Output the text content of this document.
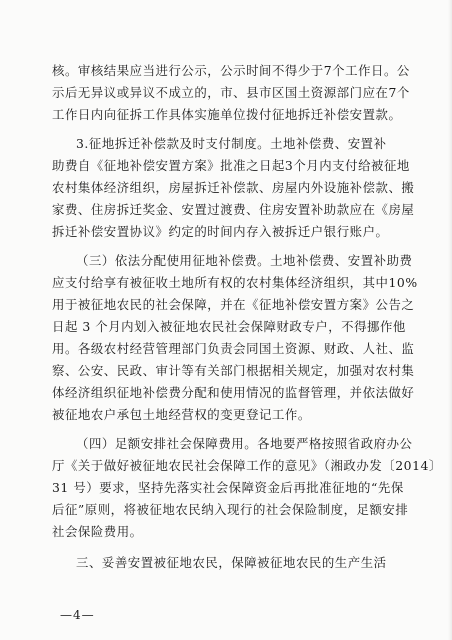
核。审核结果应当进行公示，公示时间不得少于7个工作日。公
示后无异议或异议不成立的，市、县市区国土资源部门应在7个
工作日内向征拆工作具体实施单位拨付征地拆迁补偿安置款。
3.征地拆迁补偿款及时支付制度。土地补偿费、安置补
助费自《征地补偿安置方案》批准之日起3个月内支付给被征地
农村集体经济组织，房屋拆迁补偿款、房屋内外设施补偿款、搬
家费、住房拆迁奖金、安置过渡费、住房安置补助款应在《房屋
拆迁补偿安置协议》约定的时间内存入被拆迁户银行账户。
（三）依法分配使用征地补偿费。土地补偿费、安置补助费
应支付给享有被征收土地所有权的农村集体经济组织，其中10%
用于被征地农民的社会保障，并在《征地补偿安置方案》公告之
日起 3 个月内划入被征地农民社会保障财政专户，不得挪作他
用。各级农村经营管理部门负责会同国土资源、财政、人社、监
察、公安、民政、审计等有关部门根据相关规定，加强对农村集
体经济组织征地补偿费分配和使用情况的监督管理，并依法做好
被征地农户承包土地经营权的变更登记工作。
（四）足额安排社会保障费用。各地要严格按照省政府办公
厅《关于做好被征地农民社会保障工作的意见》（湘政办发〔2014〕
31 号）要求，坚持先落实社会保障资金后再批准征地的“先保
后征”原则，将被征地农民纳入现行的社会保险制度，足额安排
社会保险费用。
三、妥善安置被征地农民，保障被征地农民的生产生活
—4—
